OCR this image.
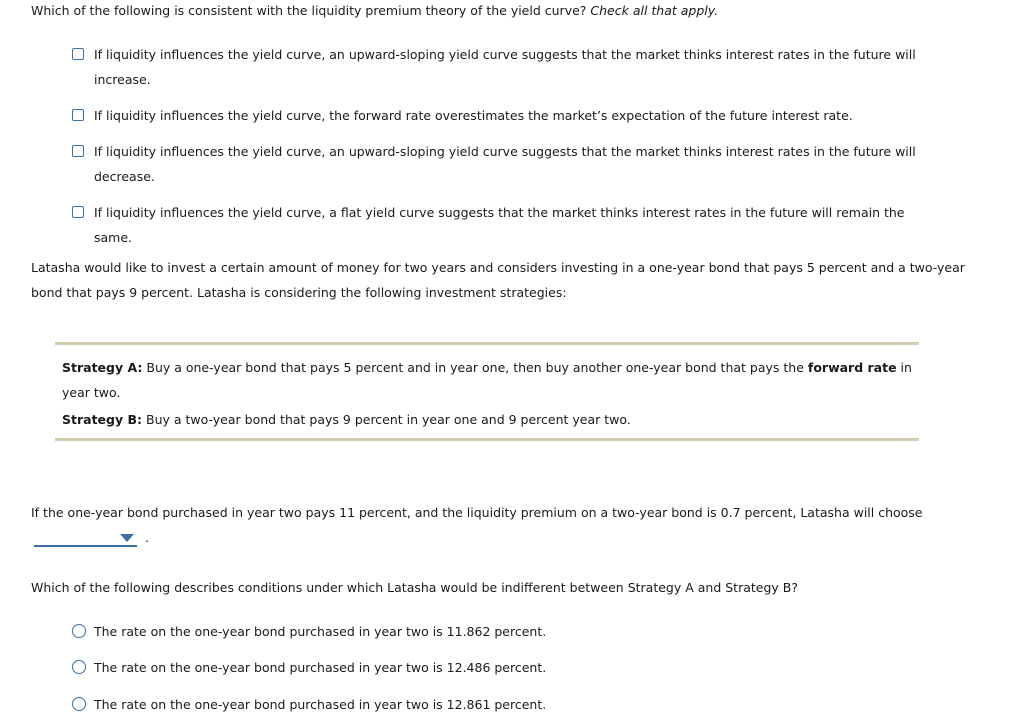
Which of the following is consistent with the liquidity premium theory of the yield curve? Check all that apply.
If liquidity influences the yield curve, an upward-sloping yield curve suggests that the market thinks interest rates in the future will
increase.
If liquidity influences the yield curve, the forward rate overestimates the market’s expectation of the future interest rate.
If liquidity influences the yield curve, an upward-sloping yield curve suggests that the market thinks interest rates in the future will
decrease.
If liquidity influences the yield curve, a flat yield curve suggests that the market thinks interest rates in the future will remain the same.
Latasha would like to invest a certain amount of money for two years and considers investing in a one-year bond that pays 5 percent and a two-year
bond that pays 9 percent. Latasha is considering the following investment strategies:
Strategy A: Buy a one-year bond that pays 5 percent and in year one, then buy another one-year bond that pays the forward rate in
year two.
Strategy B: Buy a two-year bond that pays 9 percent in year one and 9 percent year two.
If the one-year bond purchased in year two pays 11 percent, and the liquidity premium on a two-year bond is 0.7 percent, Latasha will choose
.
Which of the following describes conditions under which Latasha would be indifferent between Strategy A and Strategy B?
The rate on the one-year bond purchased in year two is 11.862 percent.
The rate on the one-year bond purchased in year two is 12.486 percent.
The rate on the one-year bond purchased in year two is 12.861 percent.
